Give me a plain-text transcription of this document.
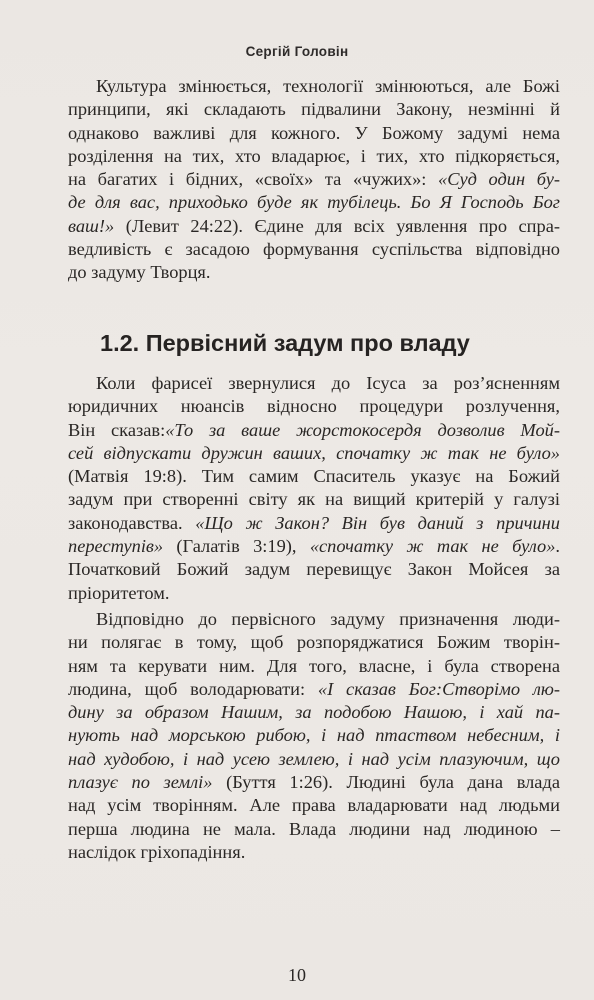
Сергій Головін
Культура змінюється, технології змінюються, але Божі
принципи, які складають підвалини Закону, незмінні й
однаково важливі для кожного. У Божому задумі нема
розділення на тих, хто владарює, і тих, хто підкоряється,
на багатих і бідних, «своїх» та «чужих»: «Суд один бу-
де для вас, приходько буде як тубілець. Бо Я Господь Бог
ваш!» (Левит 24:22). Єдине для всіх уявлення про спра-
ведливість є засадою формування суспільства відповідно
до задуму Творця.
1.2. Первісний задум про владу
Коли фарисеї звернулися до Ісуса за роз’ясненням
юридичних нюансів відносно процедури розлучення,
Він сказав:«То за ваше жорстокосердя дозволив Мой-
сей відпускати дружин ваших, спочатку ж так не було»
(Матвія 19:8). Тим самим Спаситель указує на Божий
задум при створенні світу як на вищий критерій у галузі
законодавства. «Що ж Закон? Він був даний з причини
переступів» (Галатів 3:19), «спочатку ж так не було».
Початковий Божий задум перевищує Закон Мойсея за
пріоритетом.
Відповідно до первісного задуму призначення люди-
ни полягає в тому, щоб розпоряджатися Божим творін-
ням та керувати ним. Для того, власне, і була створена
людина, щоб володарювати: «І сказав Бог:Створімо лю-
дину за образом Нашим, за подобою Нашою, і хай па-
нують над морською рибою, і над птаством небесним, і
над худобою, і над усею землею, і над усім плазуючим, що
плазує по землі» (Буття 1:26). Людині була дана влада
над усім творінням. Але права владарювати над людьми
перша людина не мала. Влада людини над людиною –
наслідок гріхопадіння.
10
